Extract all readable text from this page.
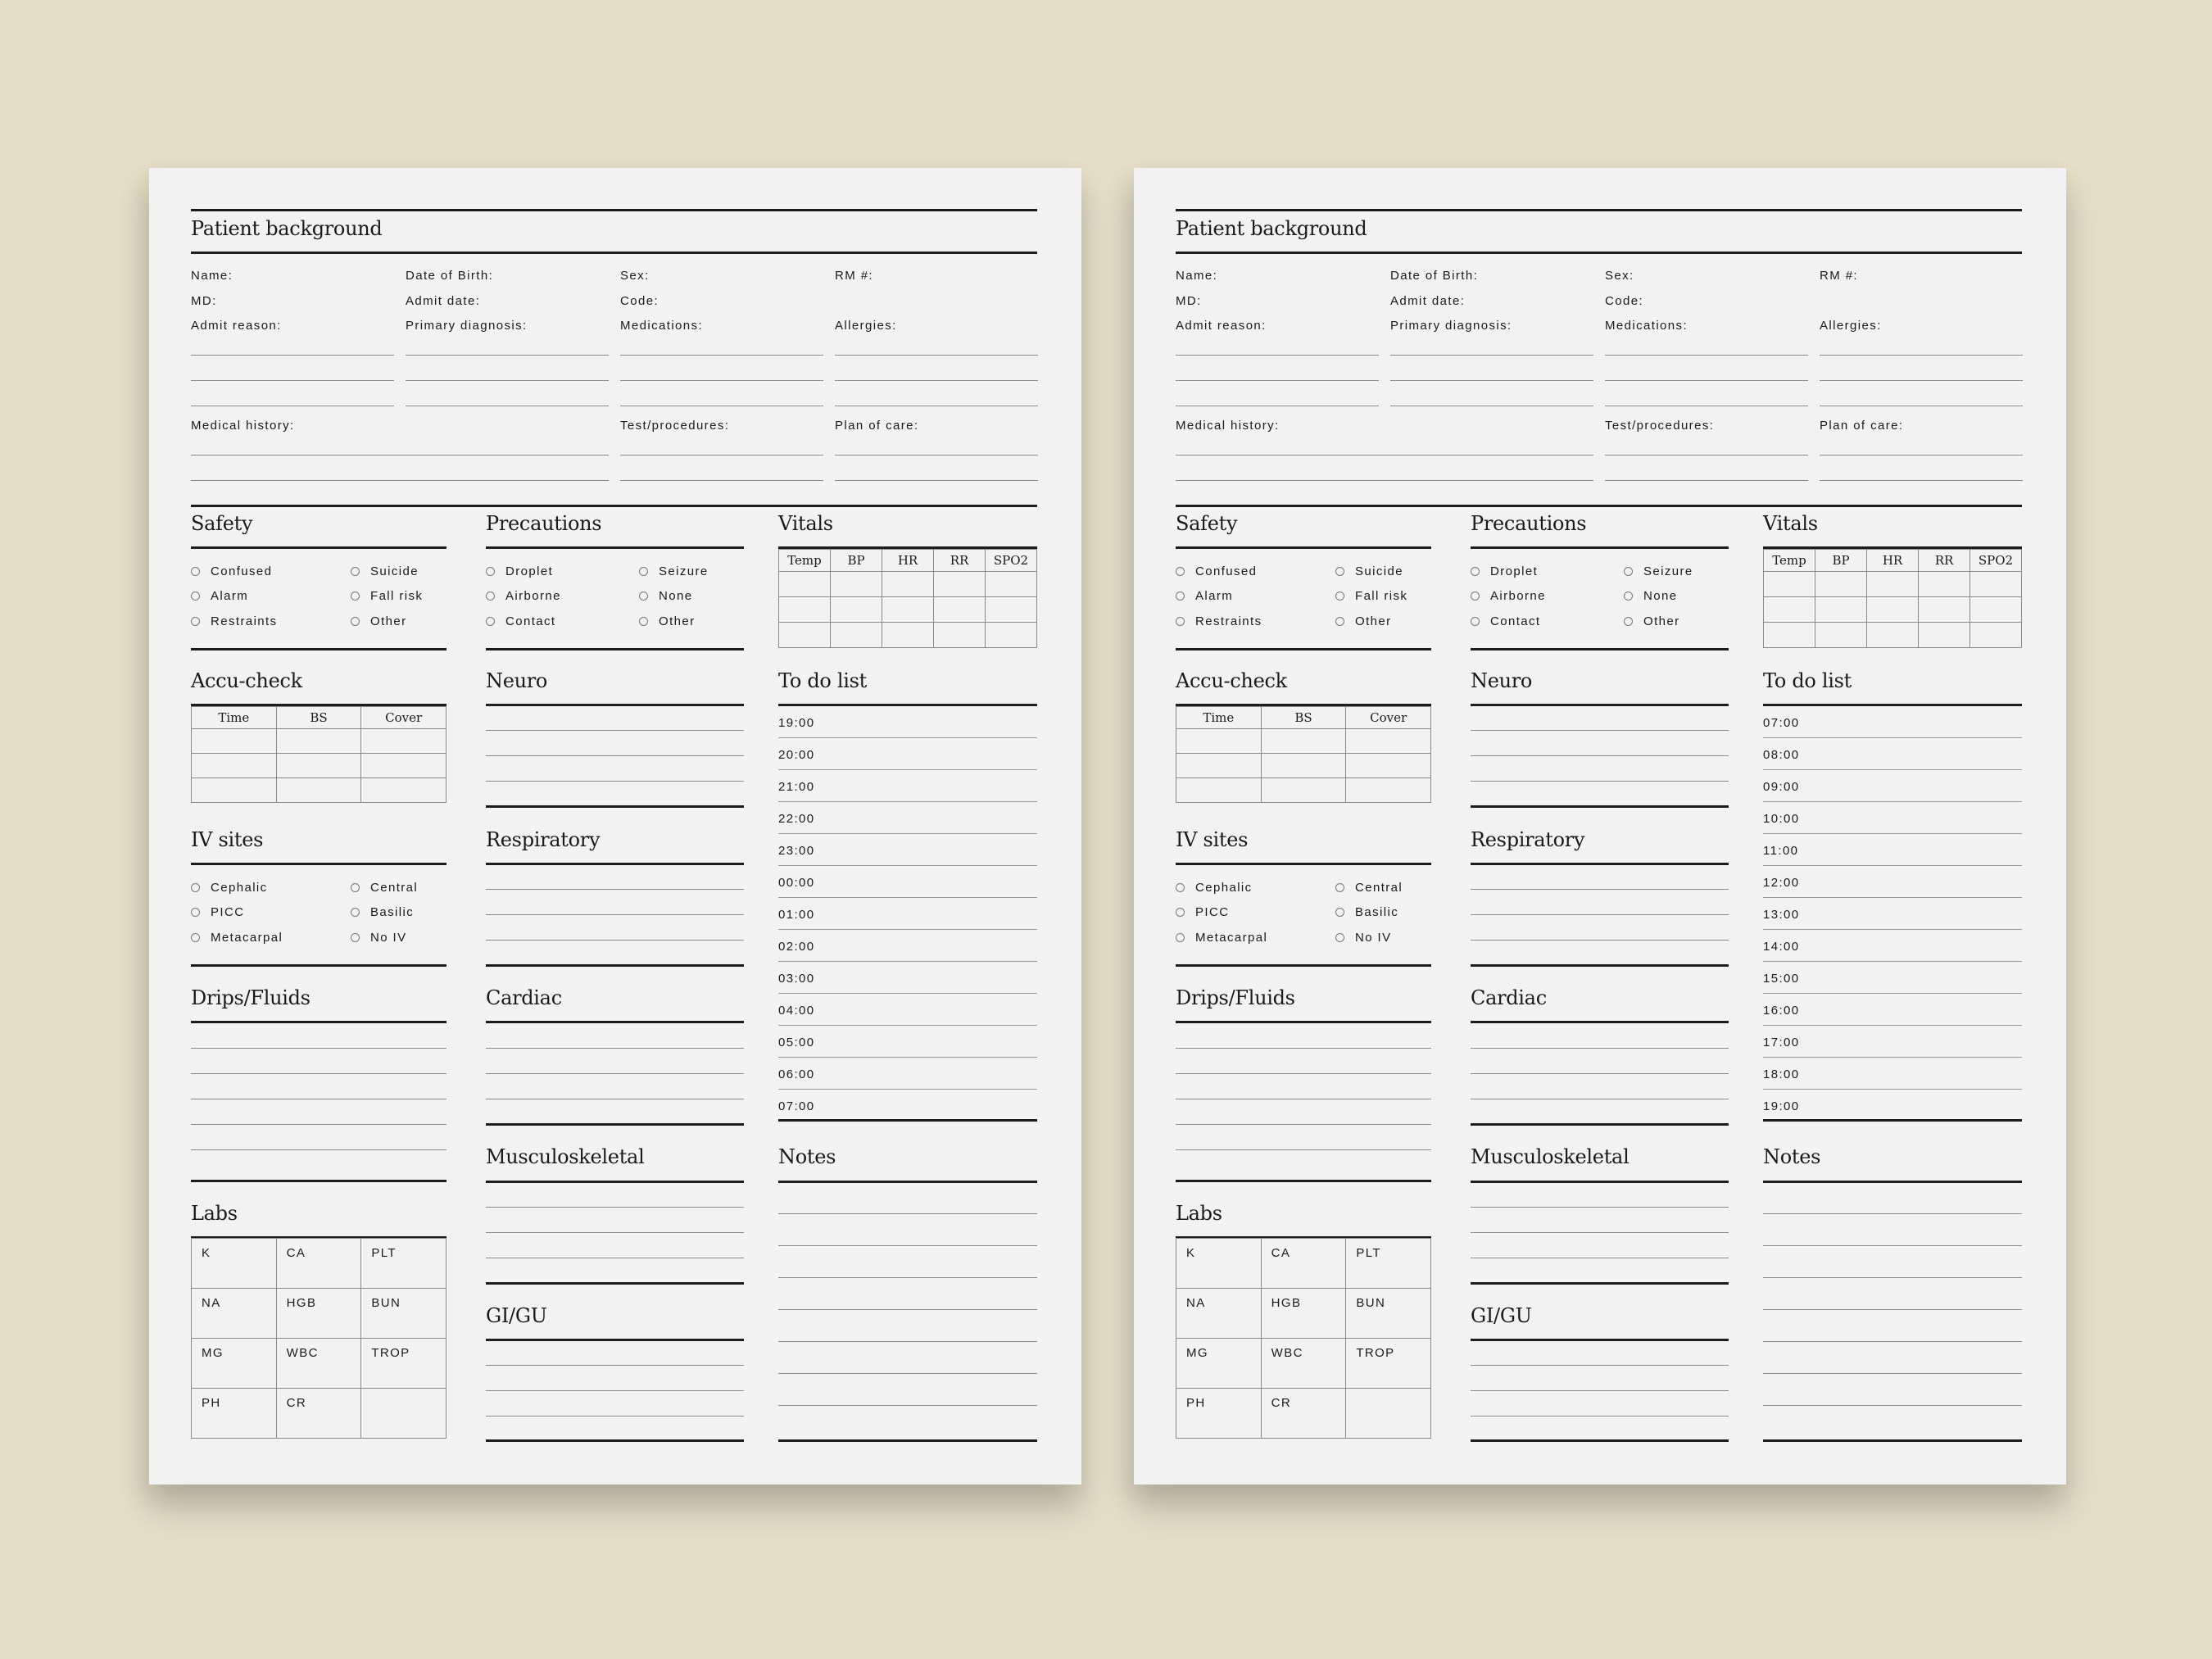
Patient background
Name:	Date of Birth:	Sex:	RM #:
MD:	Admit date:	Code:
Admit reason:	Primary diagnosis:	Medications:	Allergies:
Medical history:	Test/procedures:	Plan of care:
Safety
Confused	Suicide
Alarm	Fall risk
Restraints	Other
Precautions
Droplet	Seizure
Airborne	None
Contact	Other
Vitals
Temp	BP	HR	RR	SPO2

Accu-check
Time	BS	Cover

Neuro	To do list
19:00
20:00
21:00
22:00
23:00
00:00
01:00
02:00
03:00
04:00
05:00
06:00
07:00
IV sites
Cephalic	Central
PICC	Basilic
Metacarpal	No IV
Respiratory
Drips/Fluids	Cardiac
Musculoskeletal	Notes
Labs
K	CA	PLT
NA	HGB	BUN
MG	WBC	TROP
PH	CR	
GI/GU
Patient background
Name:	Date of Birth:	Sex:	RM #:
MD:	Admit date:	Code:
Admit reason:	Primary diagnosis:	Medications:	Allergies:
Medical history:	Test/procedures:	Plan of care:
Safety
Confused	Suicide
Alarm	Fall risk
Restraints	Other
Precautions
Droplet	Seizure
Airborne	None
Contact	Other
Vitals
Temp	BP	HR	RR	SPO2

Accu-check
Time	BS	Cover

Neuro	To do list
07:00
08:00
09:00
10:00
11:00
12:00
13:00
14:00
15:00
16:00
17:00
18:00
19:00
IV sites
Cephalic	Central
PICC	Basilic
Metacarpal	No IV
Respiratory
Drips/Fluids	Cardiac
Musculoskeletal	Notes
Labs
K	CA	PLT
NA	HGB	BUN
MG	WBC	TROP
PH	CR	
GI/GU
